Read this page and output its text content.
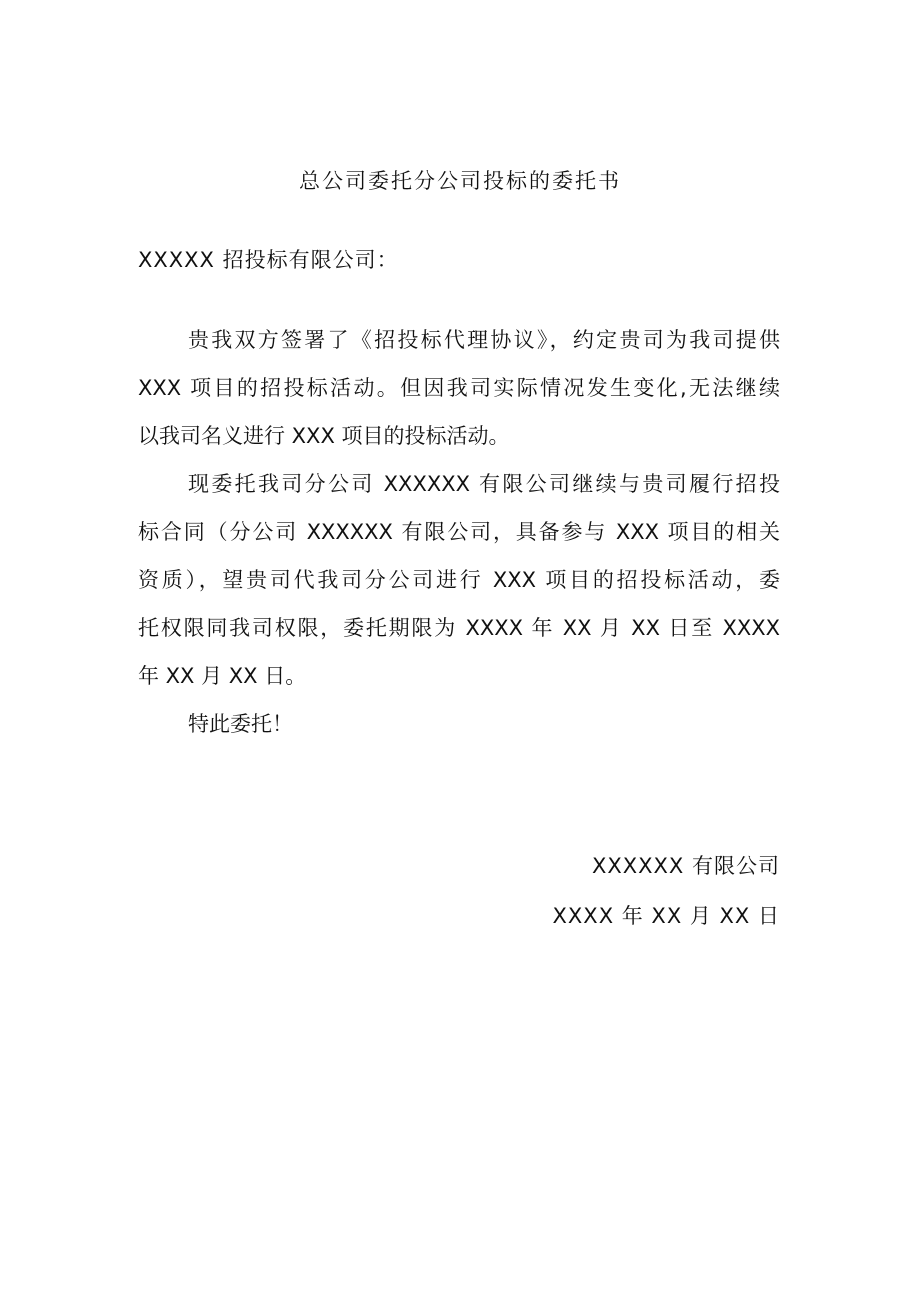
总公司委托分公司投标的委托书
XXXXX 招投标有限公司：
贵我双方签署了《招投标代理协议》，约定贵司为我司提供
XXX 项目的招投标活动。但因我司实际情况发生变化,无法继续
以我司名义进行 XXX 项目的投标活动。
现委托我司分公司 XXXXXX 有限公司继续与贵司履行招投
标合同（分公司 XXXXXX 有限公司，具备参与 XXX 项目的相关
资质），望贵司代我司分公司进行 XXX 项目的招投标活动，委
托权限同我司权限，委托期限为 XXXX 年 XX 月 XX 日至 XXXX
年 XX 月 XX 日。
特此委托！
XXXXXX 有限公司
XXXX 年 XX 月 XX 日
